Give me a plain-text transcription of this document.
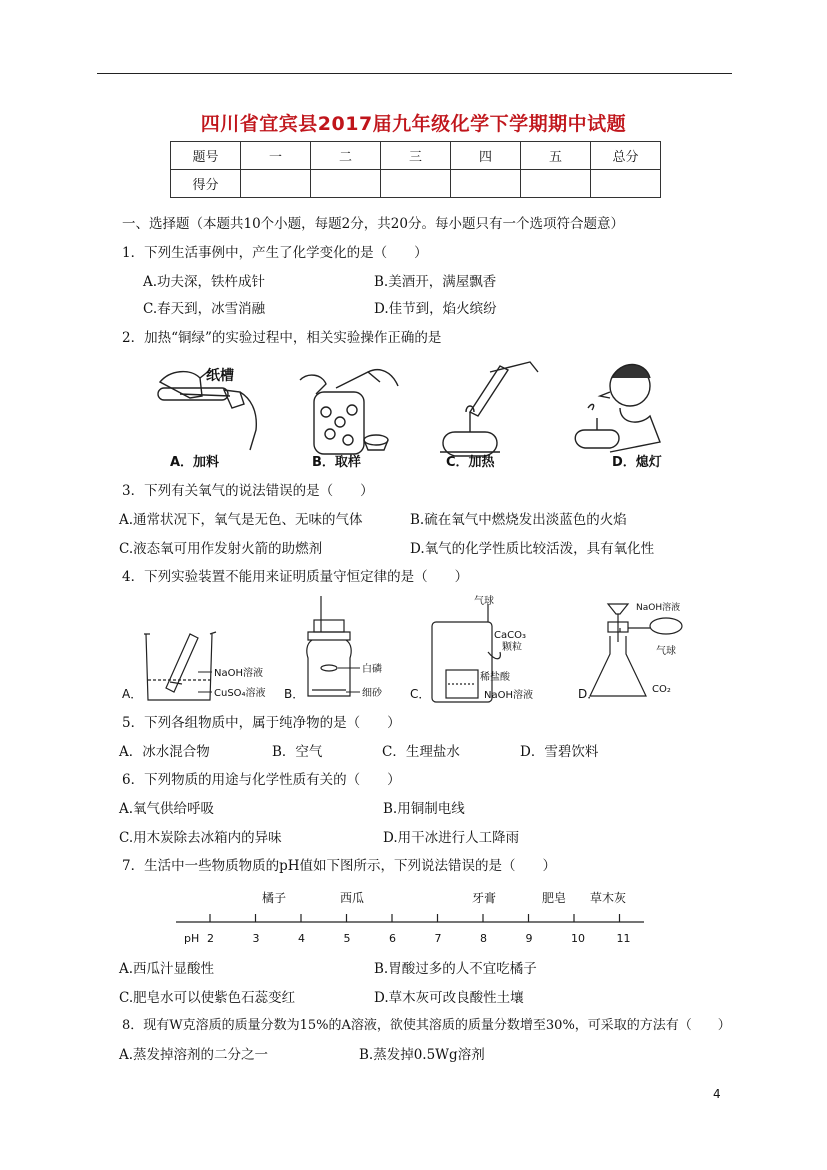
四川省宜宾县2017届九年级化学下学期期中试题
题号	一	二	三	四	五	总分
得分						
一、选择题（本题共10个小题，每题2分，共20分。每小题只有一个选项符合题意）
1．下列生活事例中，产生了化学变化的是（　　）
A.功夫深，铁杵成针	B.美酒开，满屋飘香
C.春天到，冰雪消融	D.佳节到，焰火缤纷
2．加热“铜绿”的实验过程中，相关实验操作正确的是
纸槽
A．加料	B．取样	C．加热	D．熄灯
3．下列有关氧气的说法错误的是（　　）
A.通常状况下，氧气是无色、无味的气体	B.硫在氧气中燃烧发出淡蓝色的火焰
C.液态氧可用作发射火箭的助燃剂	D.氧气的化学性质比较活泼，具有氧化性
4．下列实验装置不能用来证明质量守恒定律的是（　　）
A．
NaOH溶液
CuSO₄溶液 B．
白磷
细砂 C．
气球
CaCO₃
颗粒
稀盐酸
NaOH溶液	D．
NaOH溶液
气球
CO₂
5．下列各组物质中，属于纯净物的是（　　）
A．冰水混合物	B．空气	C．生理盐水	D．雪碧饮料
6．下列物质的用途与化学性质有关的（　　）
A.氧气供给呼吸	B.用铜制电线
C.用木炭除去冰箱内的异味	D.用干冰进行人工降雨
7．生活中一些物质物质的pH值如下图所示，下列说法错误的是（　　）
2	3	4	5	6	7	8	9	10	11
pH
橘子	西瓜	牙膏	肥皂 草木灰
A.西瓜汁显酸性	B.胃酸过多的人不宜吃橘子
C.肥皂水可以使紫色石蕊变红	D.草木灰可改良酸性土壤
8．现有W克溶质的质量分数为15%的A溶液，欲使其溶质的质量分数增至30%，可采取的方法有（　　）
A.蒸发掉溶剂的二分之一	B.蒸发掉0.5Wg溶剂
4
